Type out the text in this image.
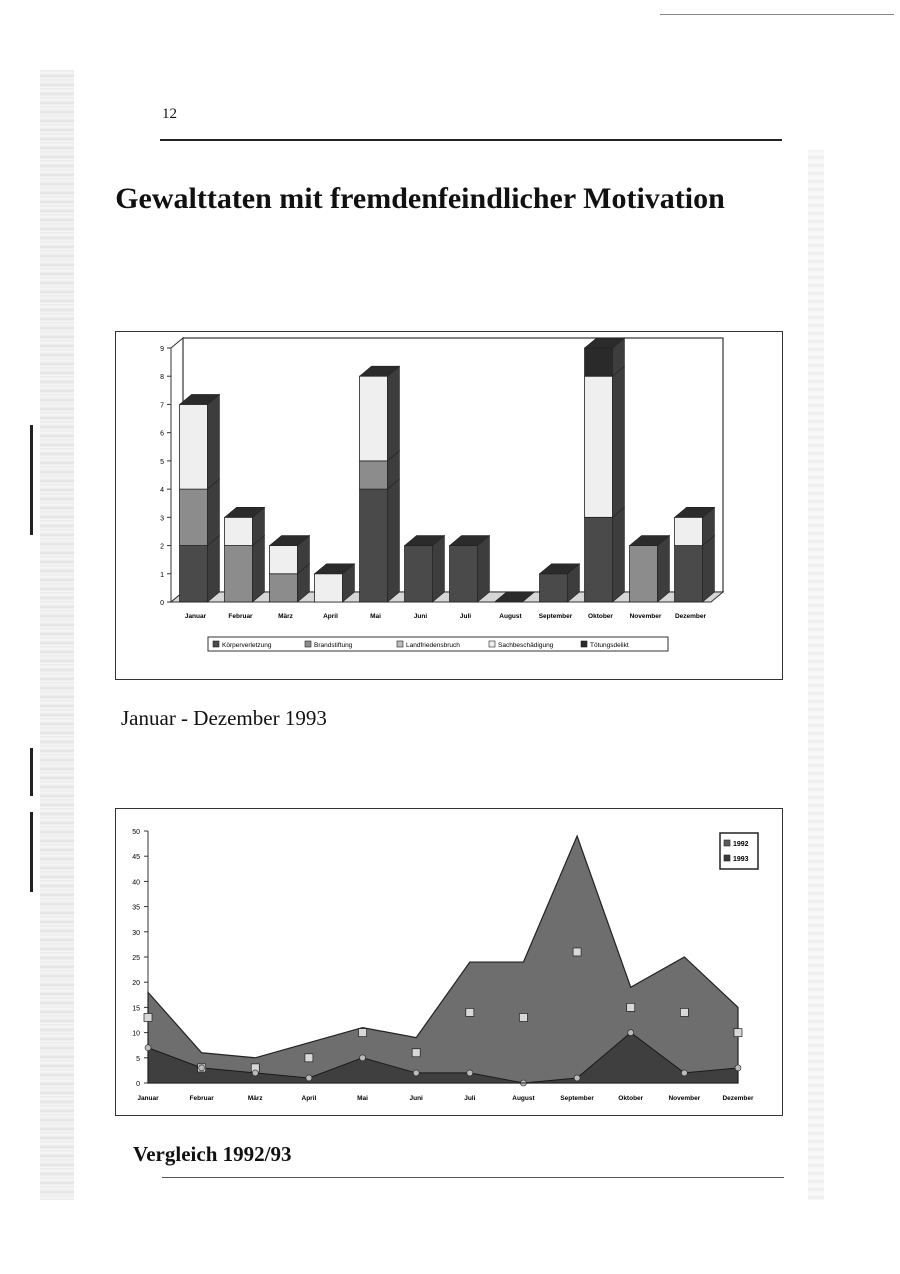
12
Gewalttaten mit fremdenfeindlicher Motivation
0
1
2
3
4
5
6
7
8
9
Januar	Februar	März	April	Mai	Juni	Juli	August	September Oktober	November Dezember
Körperverletzung	Brandstiftung	Landfriedensbruch	Sachbeschädigung	Tötungsdelikt
Januar - Dezember 1993
0
5
10
15
20
25
30
35
40
45
50
Januar	Februar	März	April	Mai	Juni	Juli	August	September	Oktober	November	Dezember
1992
1993
Vergleich 1992/93
